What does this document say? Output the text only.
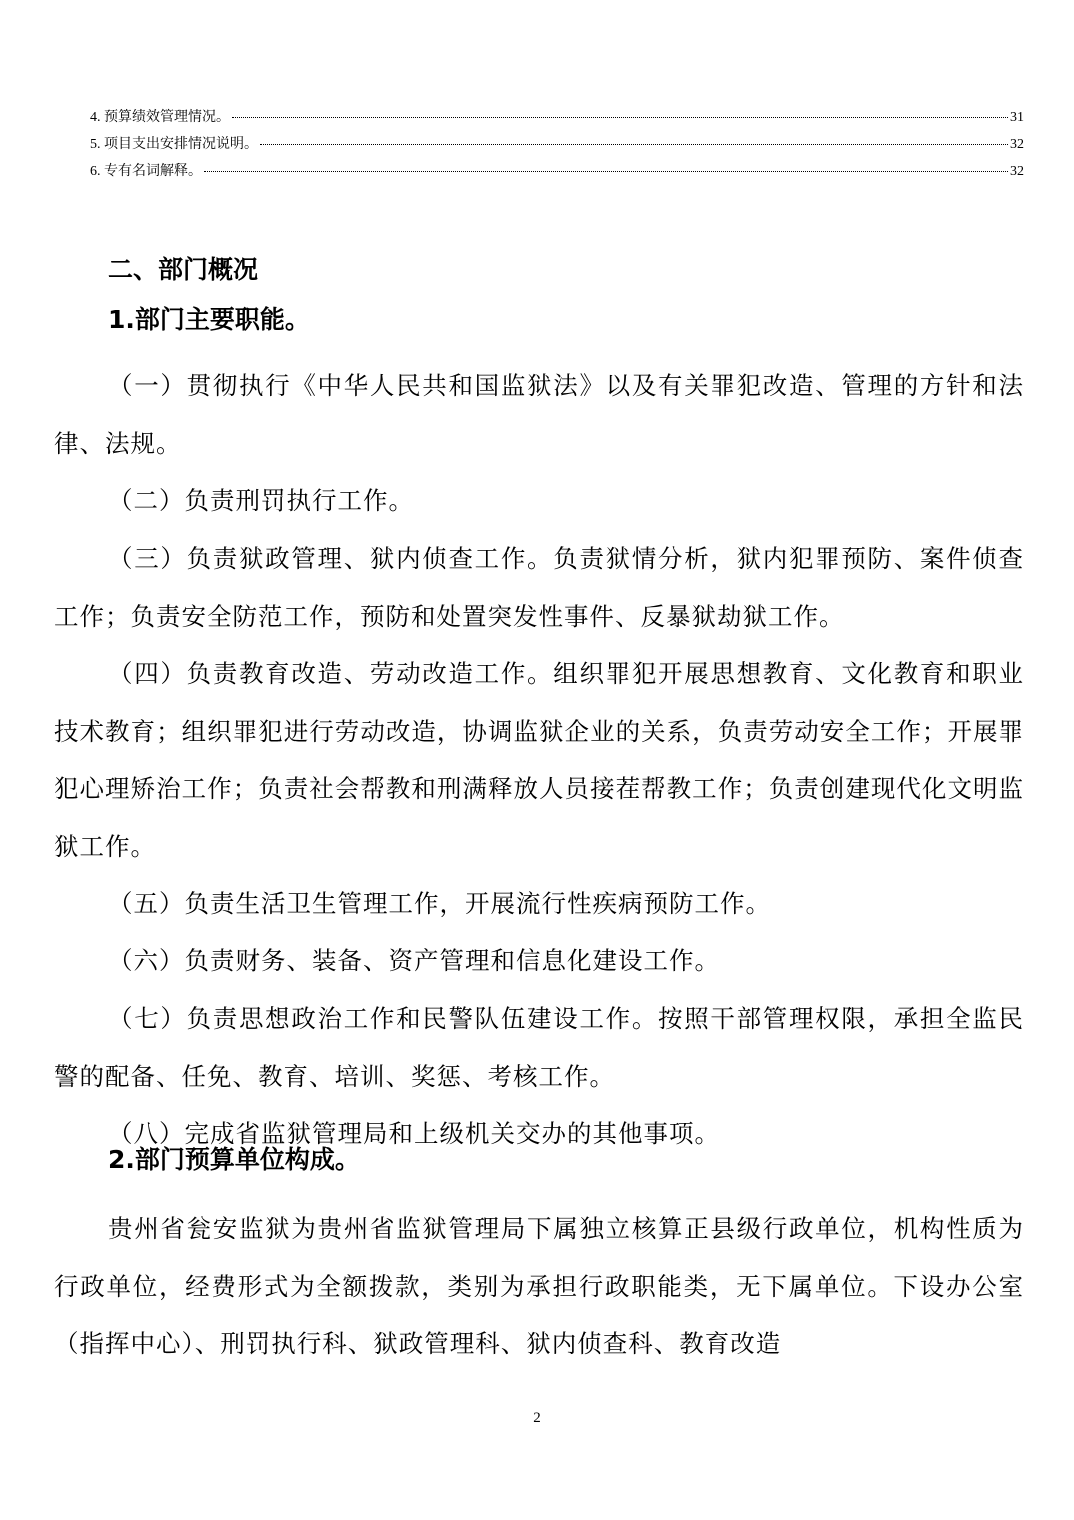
4. 预算绩效管理情况。	31
5. 项目支出安排情况说明。	32
6. 专有名词解释。	32
二、部门概况
1.部门主要职能。

（一）贯彻执行《中华人民共和国监狱法》以及有关罪犯改造、管理的方针和法律、法规。

（二）负责刑罚执行工作。

（三）负责狱政管理、狱内侦查工作。负责狱情分析，狱内犯罪预防、案件侦查工作；负责安全防范工作，预防和处置突发性事件、反暴狱劫狱工作。

（四）负责教育改造、劳动改造工作。组织罪犯开展思想教育、文化教育和职业技术教育；组织罪犯进行劳动改造，协调监狱企业的关系，负责劳动安全工作；开展罪犯心理矫治工作；负责社会帮教和刑满释放人员接茬帮教工作；负责创建现代化文明监狱工作。

（五）负责生活卫生管理工作，开展流行性疾病预防工作。

（六）负责财务、装备、资产管理和信息化建设工作。

（七）负责思想政治工作和民警队伍建设工作。按照干部管理权限，承担全监民警的配备、任免、教育、培训、奖惩、考核工作。

（八）完成省监狱管理局和上级机关交办的其他事项。

2.部门预算单位构成。

贵州省瓮安监狱为贵州省监狱管理局下属独立核算正县级行政单位，机构性质为行政单位，经费形式为全额拨款，类别为承担行政职能类，无下属单位。下设办公室（指挥中心）、刑罚执行科、狱政管理科、狱内侦查科、教育改造

2
